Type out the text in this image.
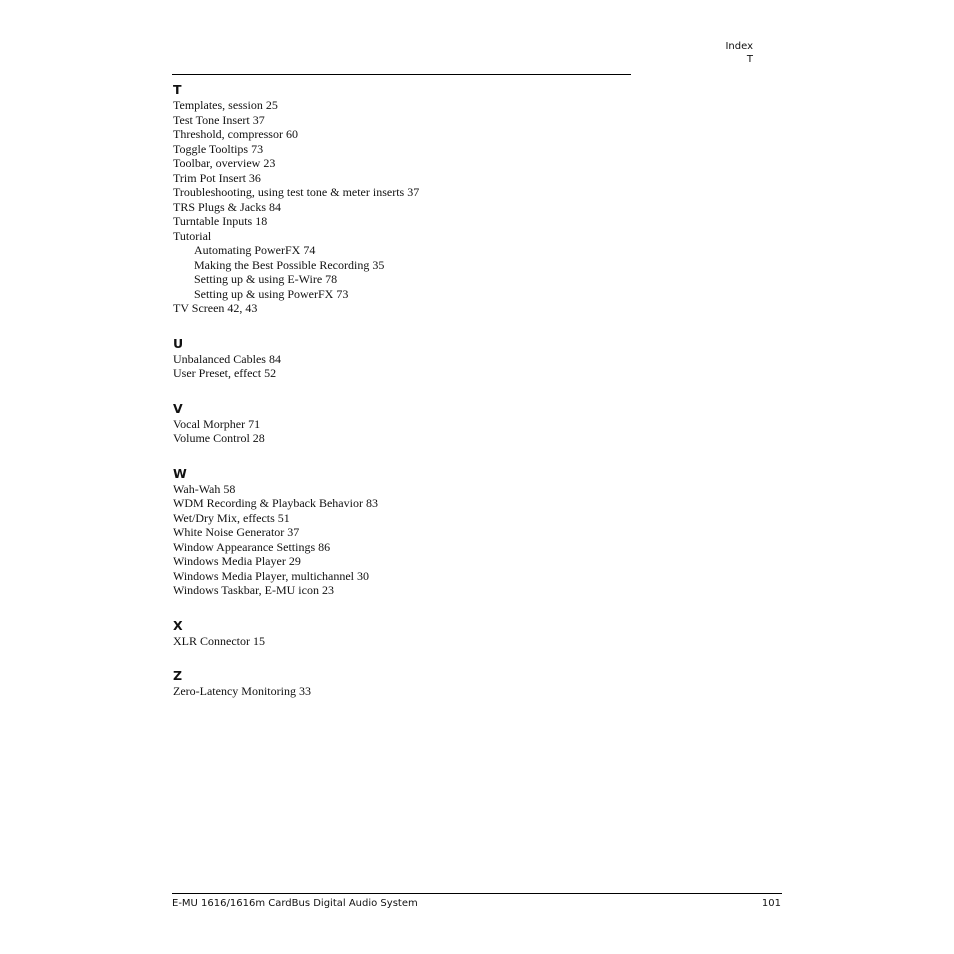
Index
T
T
Templates, session 25
Test Tone Insert 37
Threshold, compressor 60
Toggle Tooltips 73
Toolbar, overview 23
Trim Pot Insert 36
Troubleshooting, using test tone & meter inserts 37
TRS Plugs & Jacks 84
Turntable Inputs 18
Tutorial
Automating PowerFX 74
Making the Best Possible Recording 35
Setting up & using E-Wire 78
Setting up & using PowerFX 73
TV Screen 42, 43
U
Unbalanced Cables 84
User Preset, effect 52
V
Vocal Morpher 71
Volume Control 28
W
Wah-Wah 58
WDM Recording & Playback Behavior 83
Wet/Dry Mix, effects 51
White Noise Generator 37
Window Appearance Settings 86
Windows Media Player 29
Windows Media Player, multichannel 30
Windows Taskbar, E-MU icon 23
X
XLR Connector 15
Z
Zero-Latency Monitoring 33
E-MU 1616/1616m CardBus Digital Audio System	101
